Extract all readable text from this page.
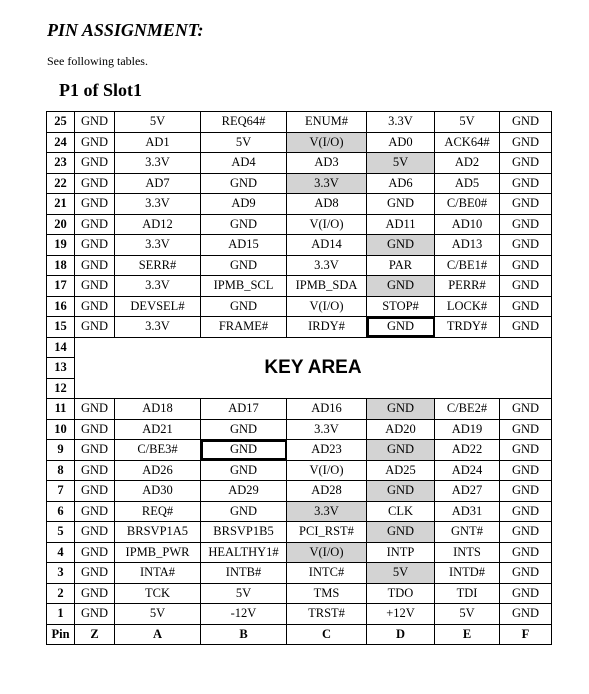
PIN ASSIGNMENT:

See following tables.

P1 of Slot1

25	GND	5V	REQ64#	ENUM#	3.3V	5V	GND
24	GND	AD1	5V	V(I/O)	AD0	ACK64#	GND
23	GND	3.3V	AD4	AD3	5V	AD2	GND
22	GND	AD7	GND	3.3V	AD6	AD5	GND
21	GND	3.3V	AD9	AD8	GND	C/BE0#	GND
20	GND	AD12	GND	V(I/O)	AD11	AD10	GND
19	GND	3.3V	AD15	AD14	GND	AD13	GND
18	GND	SERR#	GND	3.3V	PAR	C/BE1#	GND
17	GND	3.3V	IPMB_SCL	IPMB_SDA	GND	PERR#	GND
16	GND	DEVSEL#	GND	V(I/O)	STOP#	LOCK#	GND
15	GND	3.3V	FRAME#	IRDY#	GND	TRDY#	GND
14	KEY AREA						
13							
12							
11	GND	AD18	AD17	AD16	GND	C/BE2#	GND
10	GND	AD21	GND	3.3V	AD20	AD19	GND
9	GND	C/BE3#	GND	AD23	GND	AD22	GND
8	GND	AD26	GND	V(I/O)	AD25	AD24	GND
7	GND	AD30	AD29	AD28	GND	AD27	GND
6	GND	REQ#	GND	3.3V	CLK	AD31	GND
5	GND	BRSVP1A5	BRSVP1B5	PCI_RST#	GND	GNT#	GND
4	GND	IPMB_PWR	HEALTHY1#	V(I/O)	INTP	INTS	GND
3	GND	INTA#	INTB#	INTC#	5V	INTD#	GND
2	GND	TCK	5V	TMS	TDO	TDI	GND
1	GND	5V	-12V	TRST#	+12V	5V	GND
Pin	Z	A	B	C	D	E	F
